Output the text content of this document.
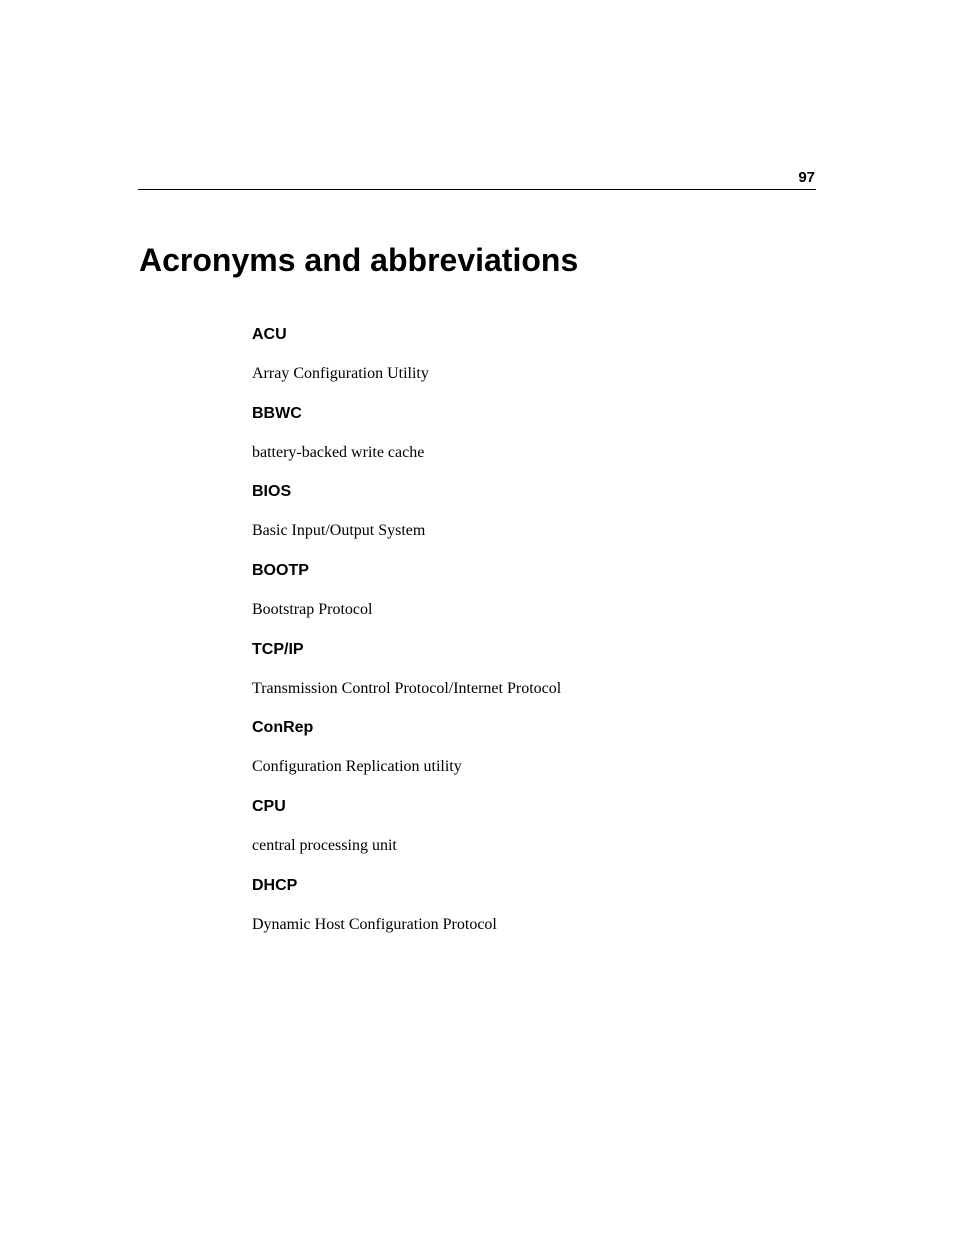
97
Acronyms and abbreviations
ACU
Array Configuration Utility
BBWC
battery-backed write cache
BIOS
Basic Input/Output System
BOOTP
Bootstrap Protocol
TCP/IP
Transmission Control Protocol/Internet Protocol
ConRep
Configuration Replication utility
CPU
central processing unit
DHCP
Dynamic Host Configuration Protocol
